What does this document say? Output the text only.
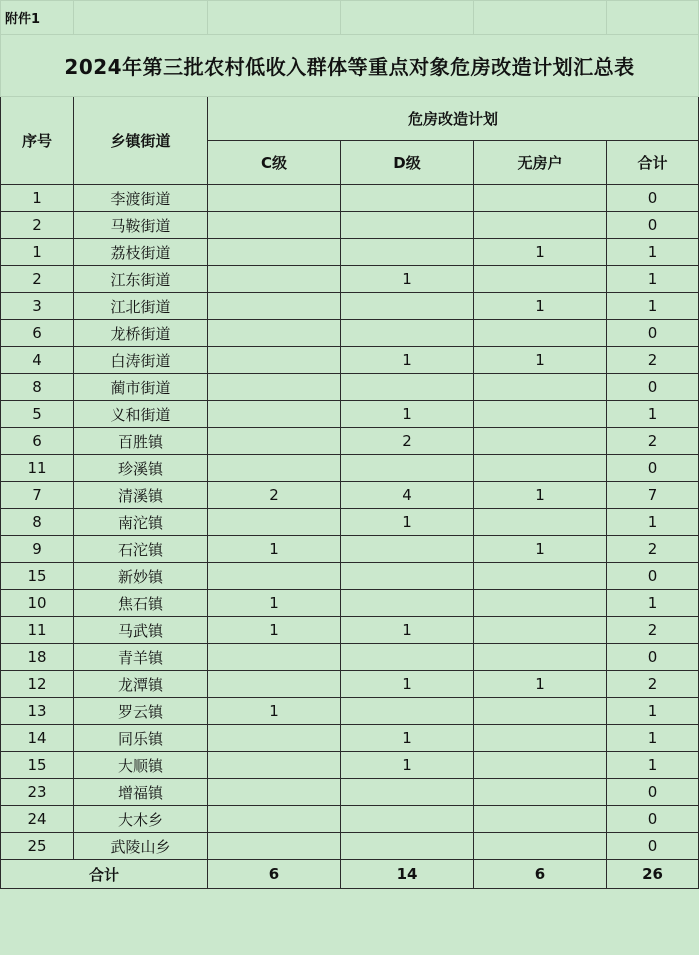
附件1					
2024年第三批农村低收入群体等重点对象危房改造计划汇总表					
序号	乡镇街道	危房改造计划			
		C级	D级	无房户	合计
1	李渡街道				0
2	马鞍街道				0
1	荔枝街道			1	1
2	江东街道		1		1
3	江北街道			1	1
6	龙桥街道				0
4	白涛街道		1	1	2
8	蔺市街道				0
5	义和街道		1		1
6	百胜镇		2		2
11	珍溪镇				0
7	清溪镇	2	4	1	7
8	南沱镇		1		1
9	石沱镇	1		1	2
15	新妙镇				0
10	焦石镇	1			1
11	马武镇	1	1		2
18	青羊镇				0
12	龙潭镇		1	1	2
13	罗云镇	1			1
14	同乐镇		1		1
15	大顺镇		1		1
23	增福镇				0
24	大木乡				0
25	武陵山乡				0
合计		6	14	6	26
